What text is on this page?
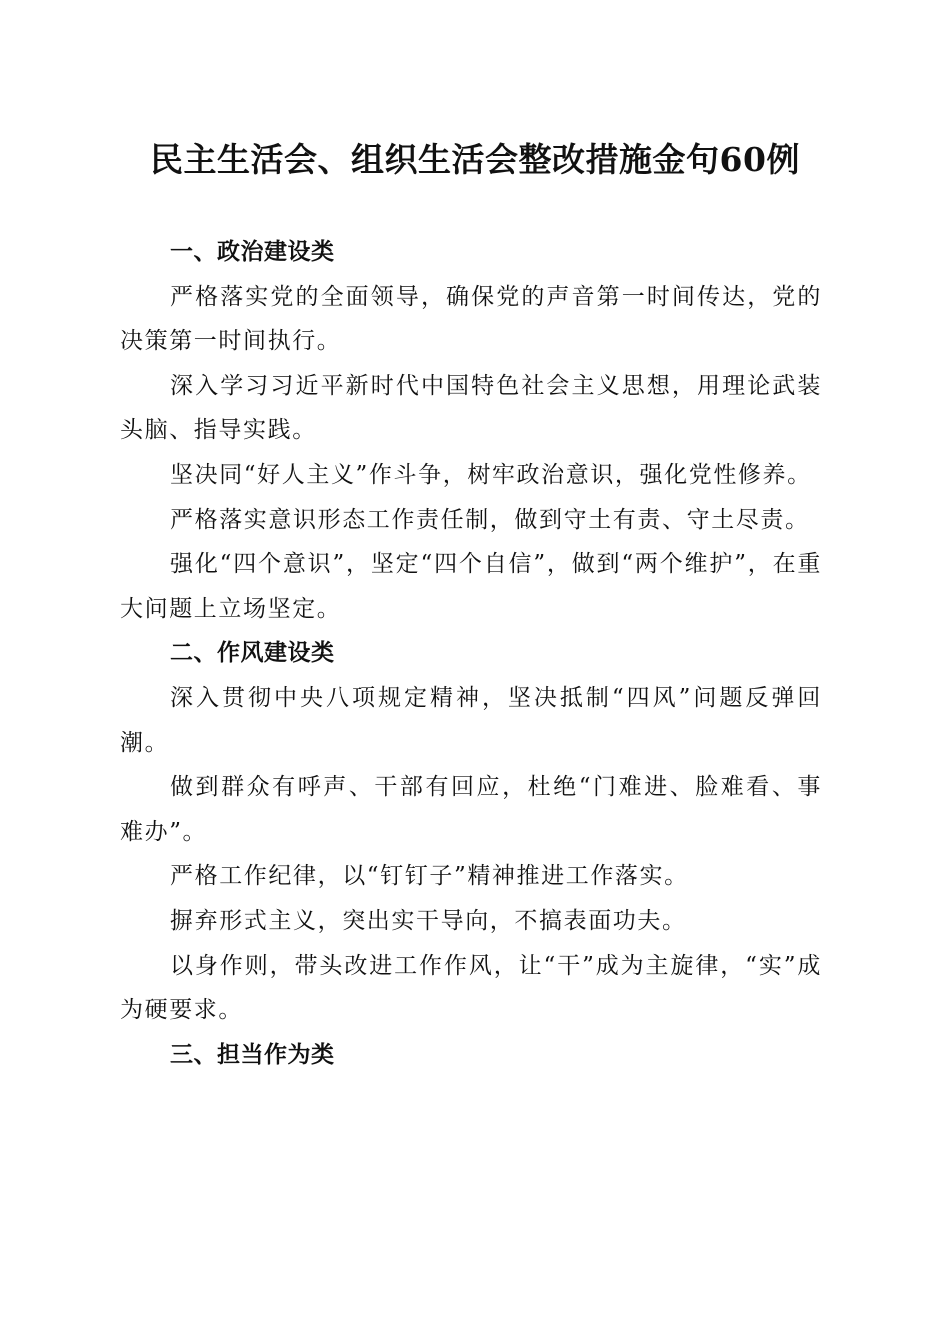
民主生活会、组织生活会整改措施金句60例

一、政治建设类

严格落实党的全面领导，确保党的声音第一时间传达，党的决策第一时间执行。

深入学习习近平新时代中国特色社会主义思想，用理论武装头脑、指导实践。

坚决同“好人主义”作斗争，树牢政治意识，强化党性修养。

严格落实意识形态工作责任制，做到守土有责、守土尽责。

强化“四个意识”，坚定“四个自信”，做到“两个维护”，在重大问题上立场坚定。

二、作风建设类

深入贯彻中央八项规定精神，坚决抵制“四风”问题反弹回潮。

做到群众有呼声、干部有回应，杜绝“门难进、脸难看、事难办”。

严格工作纪律，以“钉钉子”精神推进工作落实。

摒弃形式主义，突出实干导向，不搞表面功夫。

以身作则，带头改进工作作风，让“干”成为主旋律，“实”成为硬要求。

三、担当作为类
